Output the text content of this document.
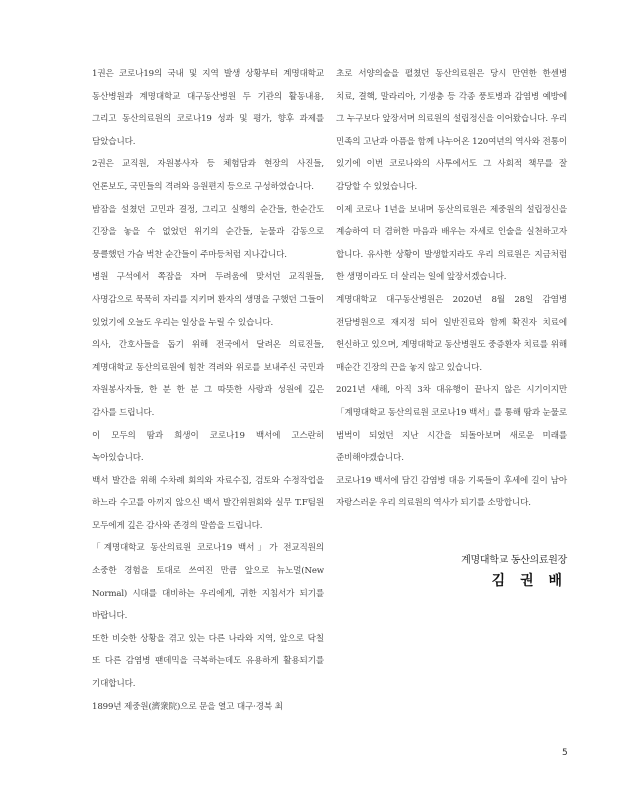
1권은 코로나19의 국내 및 지역 발생 상황부터 계명대학교 동산병원과 계명대학교 대구동산병원 두 기관의 활동내용, 그리고 동산의료원의 코로나19 성과 및 평가, 향후 과제를 담았습니다.

2권은 교직원, 자원봉사자 등 체험담과 현장의 사진들, 언론보도, 국민들의 격려와 응원편지 등으로 구성하였습니다.

밤잠을 설쳤던 고민과 결정, 그리고 실행의 순간들, 한순간도 긴장을 놓을 수 없었던 위기의 순간들, 눈물과 감동으로 뭉클했던 가슴 벅찬 순간들이 주마등처럼 지나갑니다.

병원 구석에서 쪽잠을 자며 두려움에 맞서던 교직원들, 사명감으로 묵묵히 자리를 지키며 환자의 생명을 구했던 그들이 있었기에 오늘도 우리는 일상을 누릴 수 있습니다.

의사, 간호사들을 돕기 위해 전국에서 달려온 의료진들, 계명대학교 동산의료원에 힘찬 격려와 위로를 보내주신 국민과 자원봉사자들, 한 분 한 분 그 따뜻한 사랑과 성원에 깊은 감사를 드립니다.

이 모두의 땀과 희생이 코로나19 백서에 고스란히 녹아있습니다.

백서 발간을 위해 수차례 회의와 자료수집, 검토와 수정작업을 하느라 수고를 아끼지 않으신 백서 발간위원회와 실무 T.F팀원 모두에게 깊은 감사와 존경의 말씀을 드립니다.

「계명대학교 동산의료원 코로나19 백서」가 전교직원의 소중한 경험을 토대로 쓰여진 만큼 앞으로 뉴노멀(New Normal) 시대를 대비하는 우리에게, 귀한 지침서가 되기를 바랍니다.

또한 비슷한 상황을 겪고 있는 다른 나라와 지역, 앞으로 닥칠 또 다른 감염병 팬데믹을 극복하는데도 유용하게 활용되기를 기대합니다.

1899년 제중원(濟衆院)으로 문을 열고 대구·경북 최

초로 서양의술을 펼쳤던 동산의료원은 당시 만연한 한센병 치료, 결핵, 말라리아, 기생충 등 각종 풍토병과 감염병 예방에 그 누구보다 앞장서며 의료원의 설립정신을 이어왔습니다. 우리 민족의 고난과 아픔을 함께 나누어온 120여년의 역사와 전통이 있기에 이번 코로나와의 사투에서도 그 사회적 책무를 잘 감당할 수 있었습니다.

이제 코로나 1년을 보내며 동산의료원은 제중원의 설립정신을 계승하여 더 겸허한 마음과 배우는 자세로 인술을 실천하고자 합니다. 유사한 상황이 발생할지라도 우리 의료원은 지금처럼 한 생명이라도 더 살리는 일에 앞장서겠습니다.

계명대학교 대구동산병원은 2020년 8월 28일 감염병 전담병원으로 재지정 되어 일반진료와 함께 확진자 치료에 헌신하고 있으며, 계명대학교 동산병원도 중증환자 치료를 위해 매순간 긴장의 끈을 놓지 않고 있습니다.

2021년 새해, 아직 3차 대유행이 끝나지 않은 시기이지만 「계명대학교 동산의료원 코로나19 백서」를 통해 땀과 눈물로 범벅이 되었던 지난 시간을 되돌아보며 새로운 미래를 준비해야겠습니다.

코로나19 백서에 담긴 감염병 대응 기록들이 후세에 길이 남아 자랑스러운 우리 의료원의 역사가 되기를 소망합니다.

계명대학교 동산의료원장
김 권 배
5
